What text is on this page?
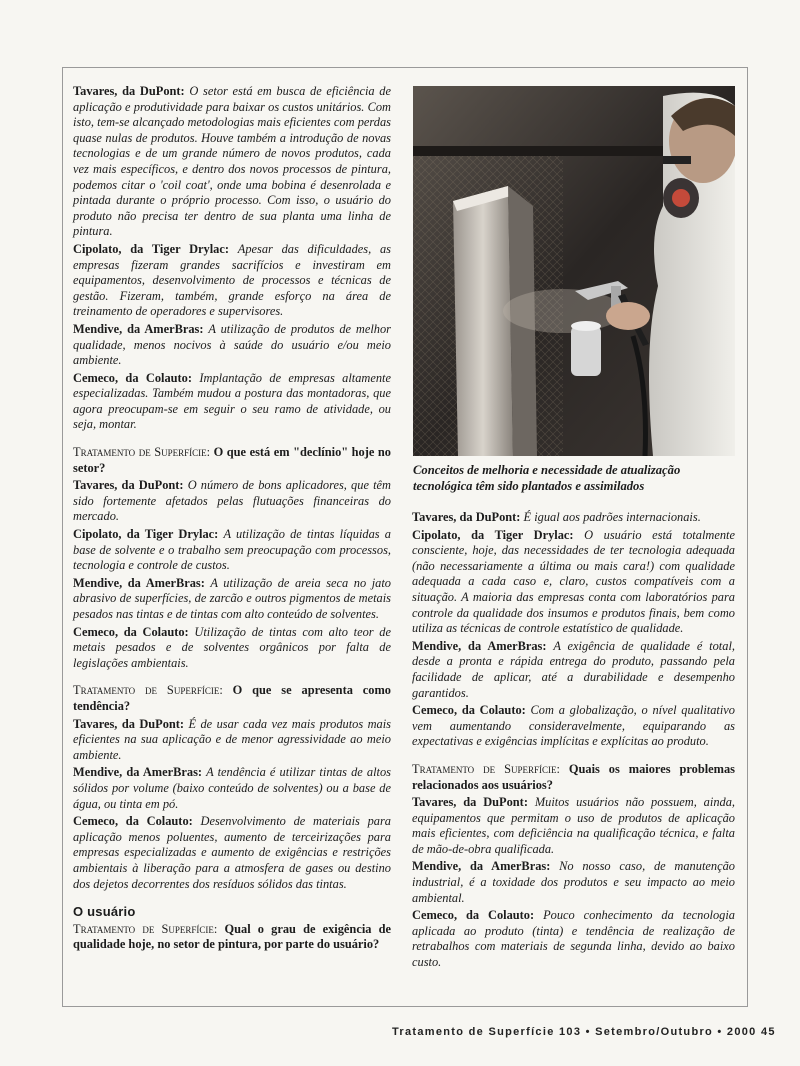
Tavares, da DuPont: O setor está em busca de eficiência de aplicação e produtividade para baixar os custos unitários. Com isto, tem-se alcançado metodologias mais eficientes com perdas quase nulas de produtos. Houve também a introdução de novas tecnologias e de um grande número de novos produtos, cada vez mais específicos, e dentro dos novos processos de pintura, podemos citar o 'coil coat', onde uma bobina é desenrolada e pintada durante o próprio processo. Com isso, o usuário do produto não precisa ter dentro de sua planta uma linha de pintura.

Cipolato, da Tiger Drylac: Apesar das dificuldades, as empresas fizeram grandes sacrifícios e investiram em equipamentos, desenvolvimento de processos e técnicas de gestão. Fizeram, também, grande esforço na área de treinamento de operadores e supervisores.

Mendive, da AmerBras: A utilização de produtos de melhor qualidade, menos nocivos à saúde do usuário e/ou meio ambiente.

Cemeco, da Colauto: Implantação de empresas altamente especializadas. Também mudou a postura das montadoras, que agora preocupam-se em seguir o seu ramo de atividade, ou seja, montar.

Tratamento de Superfície: O que está em "declínio" hoje no setor?

Tavares, da DuPont: O número de bons aplicadores, que têm sido fortemente afetados pelas flutuações financeiras do mercado.

Cipolato, da Tiger Drylac: A utilização de tintas líquidas a base de solvente e o trabalho sem preocupação com processos, tecnologia e controle de custos.

Mendive, da AmerBras: A utilização de areia seca no jato abrasivo de superfícies, de zarcão e outros pigmentos de metais pesados nas tintas e de tintas com alto conteúdo de solventes.

Cemeco, da Colauto: Utilização de tintas com alto teor de metais pesados e de solventes orgânicos por falta de legislações ambientais.

Tratamento de Superfície: O que se apresenta como tendência?

Tavares, da DuPont: É de usar cada vez mais produtos mais eficientes na sua aplicação e de menor agressividade ao meio ambiente.

Mendive, da AmerBras: A tendência é utilizar tintas de altos sólidos por volume (baixo conteúdo de solventes) ou a base de água, ou tinta em pó.

Cemeco, da Colauto: Desenvolvimento de materiais para aplicação menos poluentes, aumento de terceirizações para empresas especializadas e aumento de exigências e restrições ambientais à liberação para a atmosfera de gases ou destino dos dejetos decorrentes dos resíduos sólidos das tintas.

O usuário

Tratamento de Superfície: Qual o grau de exigência de qualidade hoje, no setor de pintura, por parte do usuário?

Conceitos de melhoria e necessidade de atualização tecnológica têm sido plantados e assimilados

Tavares, da DuPont: É igual aos padrões internacionais.

Cipolato, da Tiger Drylac: O usuário está totalmente consciente, hoje, das necessidades de ter tecnologia adequada (não necessariamente a última ou mais cara!) com qualidade adequada a cada caso e, claro, custos compatíveis com a situação. A maioria das empresas conta com laboratórios para controle da qualidade dos insumos e produtos finais, bem como utiliza as técnicas de controle estatístico de qualidade.

Mendive, da AmerBras: A exigência de qualidade é total, desde a pronta e rápida entrega do produto, passando pela facilidade de aplicar, até a durabilidade e desempenho garantidos.

Cemeco, da Colauto: Com a globalização, o nível qualitativo vem aumentando consideravelmente, equiparando as expectativas e exigências implícitas e explícitas ao produto.

Tratamento de Superfície: Quais os maiores problemas relacionados aos usuários?

Tavares, da DuPont: Muitos usuários não possuem, ainda, equipamentos que permitam o uso de produtos de aplicação mais eficientes, com deficiência na qualificação técnica, e falta de mão-de-obra qualificada.

Mendive, da AmerBras: No nosso caso, de manutenção industrial, é a toxidade dos produtos e seu impacto ao meio ambiental.

Cemeco, da Colauto: Pouco conhecimento da tecnologia aplicada ao produto (tinta) e tendência de realização de retrabalhos com materiais de segunda linha, devido ao baixo custo.

Tratamento de Superfície 103 • Setembro/Outubro • 2000 45
